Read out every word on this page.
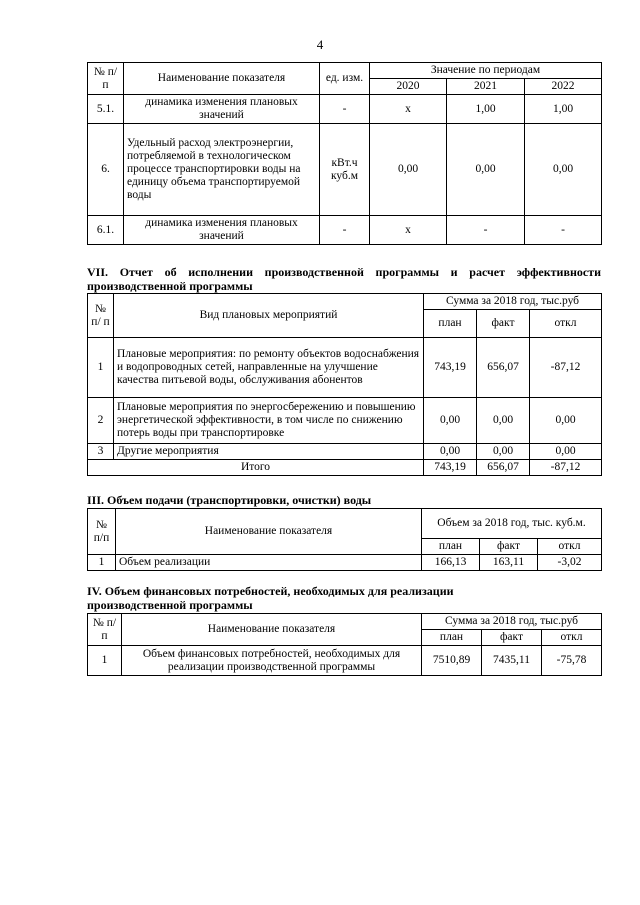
4
№ п/п	Наименование показателя	ед. изм.	Значение по периодам		
			2020	2021	2022
5.1.	динамика изменения плановых значений	-	x	1,00	1,00
6.	Удельный расход электроэнергии, потребляемой в технологическом процессе транспортировки воды на единицу объема транспортируемой воды	кВт.ч куб.м	0,00	0,00	0,00
6.1.	динамика изменения плановых значений	-	x	-	-
VII. Отчет об исполнении производственной программы и расчет эффективности производственной программы
№ п/ п	Вид плановых мероприятий	Сумма за 2018 год, тыс.руб		
		план	факт	откл
1	Плановые мероприятия: по ремонту объектов водоснабжения и водопроводных сетей, направленные на улучшение качества питьевой воды, обслуживания абонентов	743,19	656,07	-87,12
2	Плановые мероприятия по энергосбережению и повышению энергетической эффективности, в том числе по снижению потерь воды при транспортировке	0,00	0,00	0,00
3	Другие мероприятия	0,00	0,00	0,00
Итого		743,19	656,07	-87,12
III. Объем подачи (транспортировки, очистки) воды
№ п/п	Наименование показателя	Объем за 2018 год, тыс. куб.м.		
		план	факт	откл
1	Объем реализации	166,13	163,11	-3,02
IV. Объем финансовых потребностей, необходимых для реализации производственной программы
№ п/п	Наименование показателя	Сумма за 2018 год, тыс.руб		
		план	факт	откл
1	Объем финансовых потребностей, необходимых для реализации производственной программы	7510,89	7435,11	-75,78
